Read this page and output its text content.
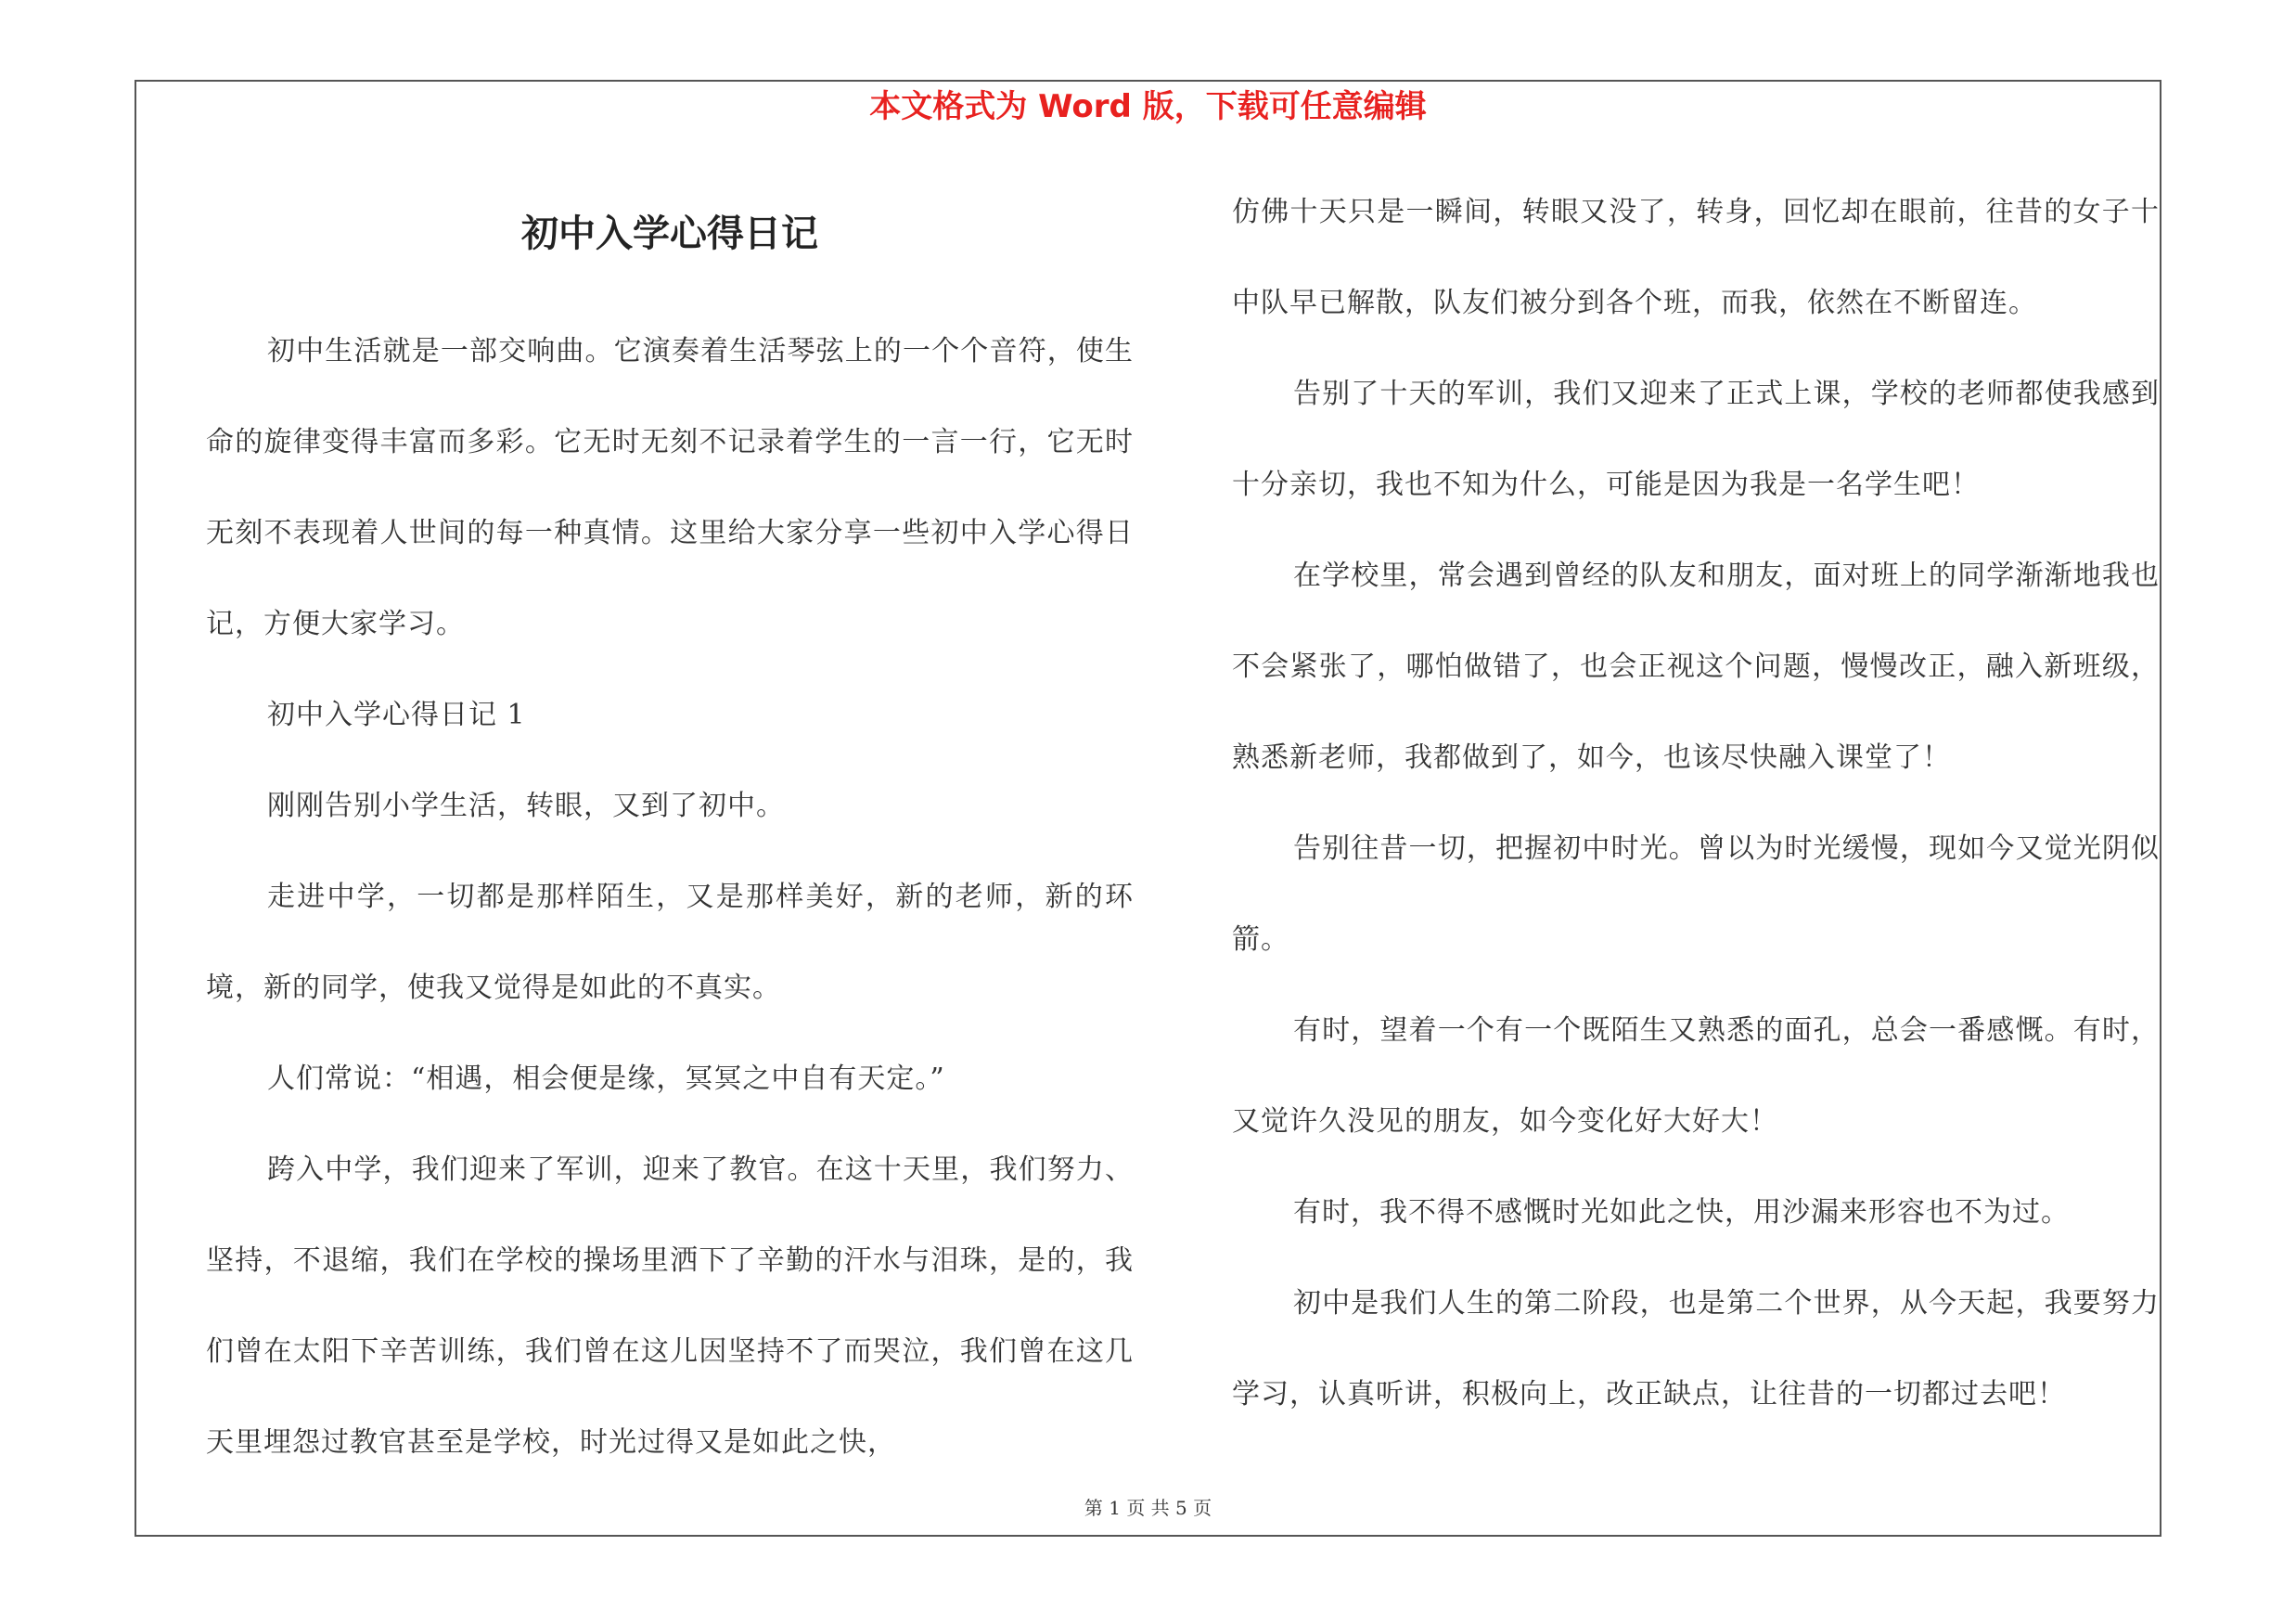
本文格式为 Word 版，下载可任意编辑
初中入学心得日记

初中生活就是一部交响曲。它演奏着生活琴弦上的一个个音符，使生命的旋律变得丰富而多彩。它无时无刻不记录着学生的一言一行，它无时无刻不表现着人世间的每一种真情。这里给大家分享一些初中入学心得日记，方便大家学习。

初中入学心得日记 1

刚刚告别小学生活，转眼，又到了初中。

走进中学，一切都是那样陌生，又是那样美好，新的老师，新的环境，新的同学，使我又觉得是如此的不真实。

人们常说：“相遇，相会便是缘，冥冥之中自有天定。”

跨入中学，我们迎来了军训，迎来了教官。在这十天里，我们努力、坚持，不退缩，我们在学校的操场里洒下了辛勤的汗水与泪珠，是的，我们曾在太阳下辛苦训练，我们曾在这儿因坚持不了而哭泣，我们曾在这几天里埋怨过教官甚至是学校，时光过得又是如此之快，

仿佛十天只是一瞬间，转眼又没了，转身，回忆却在眼前，往昔的女子十中队早已解散，队友们被分到各个班，而我，依然在不断留连。

告别了十天的军训，我们又迎来了正式上课，学校的老师都使我感到十分亲切，我也不知为什么，可能是因为我是一名学生吧！

在学校里，常会遇到曾经的队友和朋友，面对班上的同学渐渐地我也不会紧张了，哪怕做错了，也会正视这个问题，慢慢改正，融入新班级，熟悉新老师，我都做到了，如今，也该尽快融入课堂了！

告别往昔一切，把握初中时光。曾以为时光缓慢，现如今又觉光阴似箭。

有时，望着一个有一个既陌生又熟悉的面孔，总会一番感慨。有时，又觉许久没见的朋友，如今变化好大好大！

有时，我不得不感慨时光如此之快，用沙漏来形容也不为过。

初中是我们人生的第二阶段，也是第二个世界，从今天起，我要努力学习，认真听讲，积极向上，改正缺点，让往昔的一切都过去吧！

第 1 页 共 5 页
